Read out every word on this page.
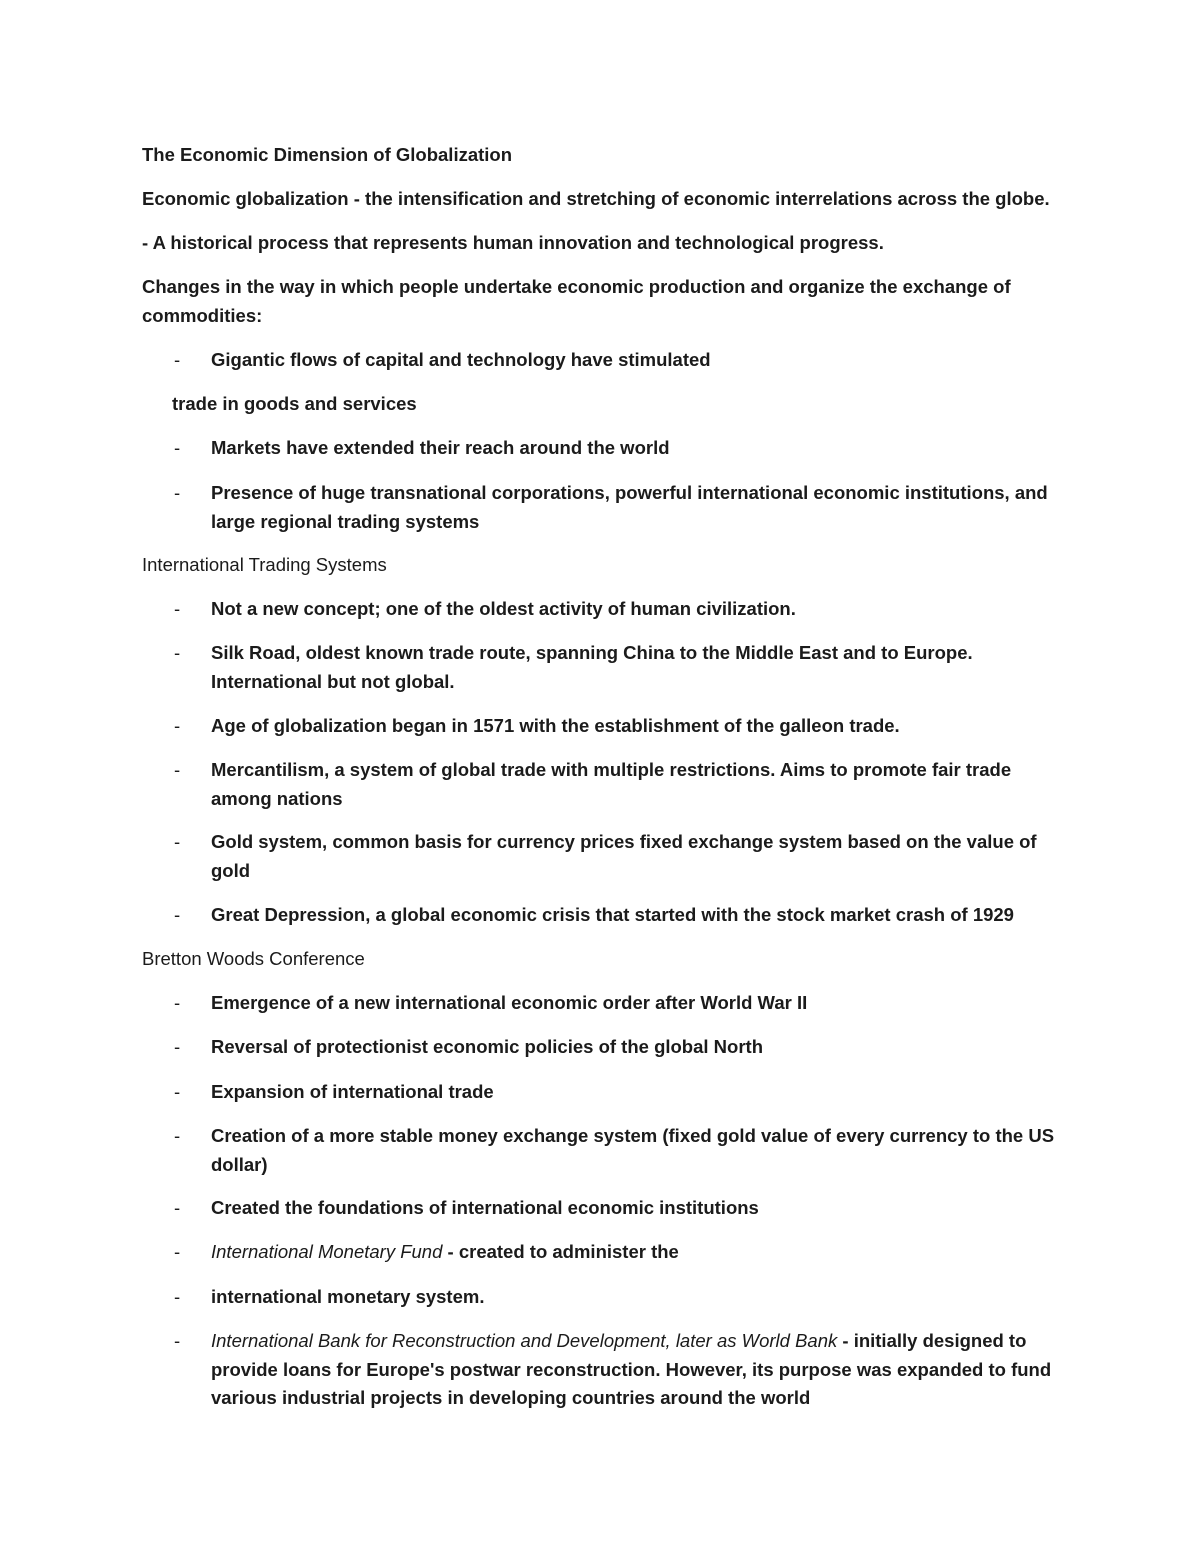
The Economic Dimension of Globalization
Economic globalization - the intensification and stretching of economic interrelations across the globe.
- A historical process that represents human innovation and technological progress.
Changes in the way in which people undertake economic production and organize the exchange of
commodities:
- Gigantic flows of capital and technology have stimulated
trade in goods and services
- Markets have extended their reach around the world
- Presence of huge transnational corporations, powerful international economic institutions, and large regional trading systems
International Trading Systems
- Not a new concept; one of the oldest activity of human civilization.
- Silk Road, oldest known trade route, spanning China to the Middle East and to Europe. International but not global.
- Age of globalization began in 1571 with the establishment of the galleon trade.
- Mercantilism, a system of global trade with multiple restrictions. Aims to promote fair trade among nations
- Gold system, common basis for currency prices fixed exchange system based on the value of gold
- Great Depression, a global economic crisis that started with the stock market crash of 1929
Bretton Woods Conference
- Emergence of a new international economic order after World War II
- Reversal of protectionist economic policies of the global North
- Expansion of international trade
- Creation of a more stable money exchange system (fixed gold value of every currency to the US dollar)
- Created the foundations of international economic institutions
- International Monetary Fund - created to administer the
- international monetary system.
- International Bank for Reconstruction and Development, later as World Bank - initially designed to provide loans for Europe's postwar reconstruction. However, its purpose was expanded to fund various industrial projects in developing countries around the world
